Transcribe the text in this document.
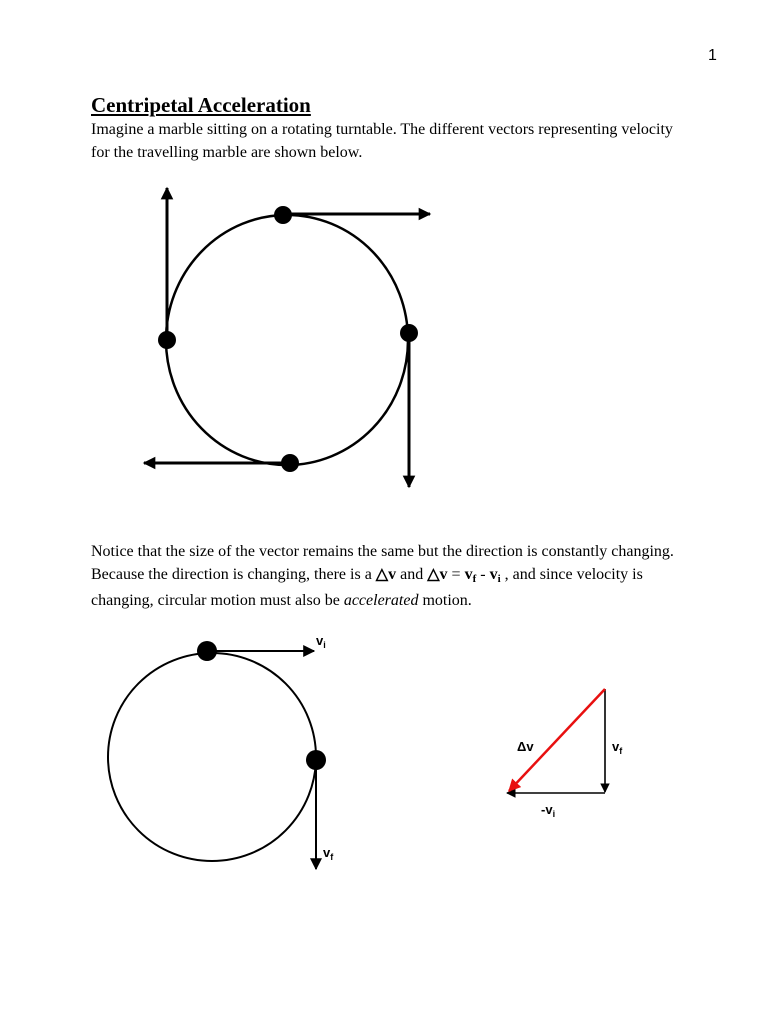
1
Centripetal Acceleration
Imagine a marble sitting on a rotating turntable. The different vectors representing velocity for the travelling marble are shown below.
Notice that the size of the vector remains the same but the direction is constantly changing. Because the direction is changing, there is a △v and △v = $v_f - v_i$ , and since velocity is changing, circular motion must also be accelerated motion.
$v_i$
$v_f$
Δv	$v_f$
$-v_i$
